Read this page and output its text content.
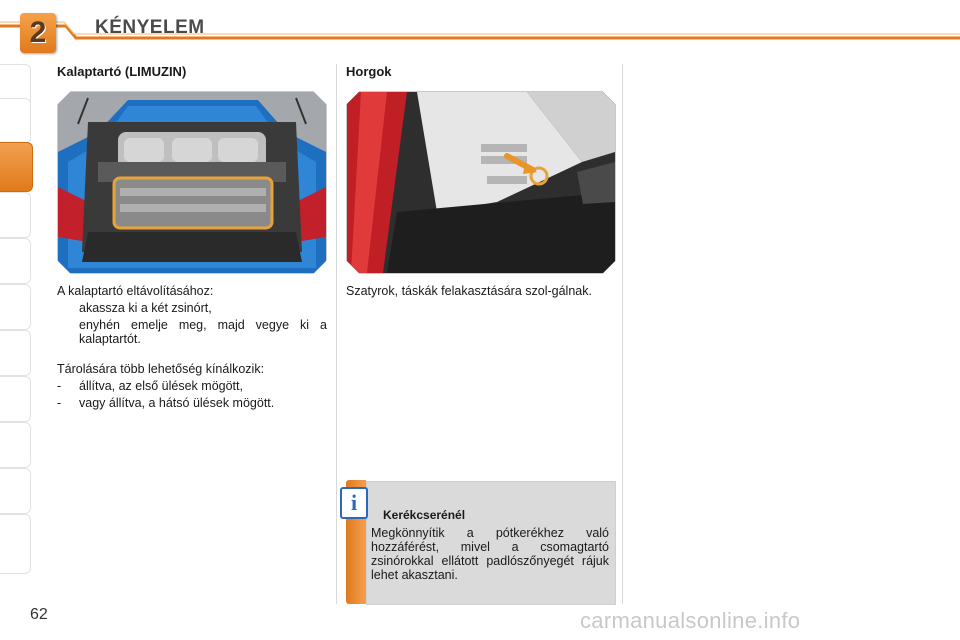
2	KÉNYELEM
Kalaptartó (LIMUZIN)

A kalaptartó eltávolításához:

akassza ki a két zsinórt,
enyhén emelje meg, majd vegye ki a kalaptartót.

Tárolására több lehetőség kínálkozik:

-	állítva, az első ülések mögött,
-	vagy állítva, a hátsó ülések mögött.
Horgok
Szatyrok, táskák felakasztására szol-gálnak.
Kerékcserénél
Megkönnyítik a pótkerékhez való hozzáférést, mivel a csomagtartó zsinórokkal ellátott padlószőnyegét rájuk lehet akasztani.
i
62	carmanualsonline.info
